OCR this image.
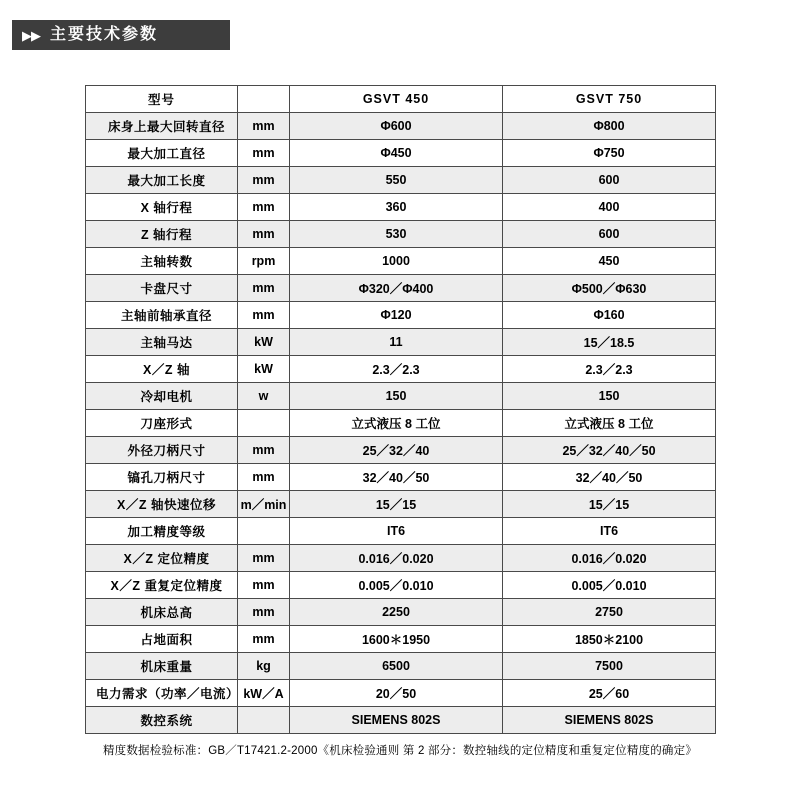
▶▶ 主要技术参数
型号		GSVT 450	GSVT 750
床身上最大回转直径	mm	Φ600	Φ800
最大加工直径	mm	Φ450	Φ750
最大加工长度	mm	550	600
X 轴行程	mm	360	400
Z 轴行程	mm	530	600
主轴转数	rpm	1000	450
卡盘尺寸	mm	Φ320／Φ400	Φ500／Φ630
主轴前轴承直径	mm	Φ120	Φ160
主轴马达	kW	11	15／18.5
X／Z 轴	kW	2.3／2.3	2.3／2.3
冷却电机	w	150	150
刀座形式		立式液压 8 工位	立式液压 8 工位
外径刀柄尺寸	mm	25／32／40	25／32／40／50
镐孔刀柄尺寸	mm	32／40／50	32／40／50
X／Z 轴快速位移	m／min	15／15	15／15
加工精度等级		IT6	IT6
X／Z 定位精度	mm	0.016／0.020	0.016／0.020
X／Z 重复定位精度	mm	0.005／0.010	0.005／0.010
机床总高	mm	2250	2750
占地面积	mm	1600＊1950	1850＊2100
机床重量	kg	6500	7500
电力需求（功率／电流）	kW／A	20／50	25／60
数控系统		SIEMENS 802S	SIEMENS 802S
精度数据检验标准：GB／T17421.2-2000《机床检验通则 第 2 部分：数控轴线的定位精度和重复定位精度的确定》
